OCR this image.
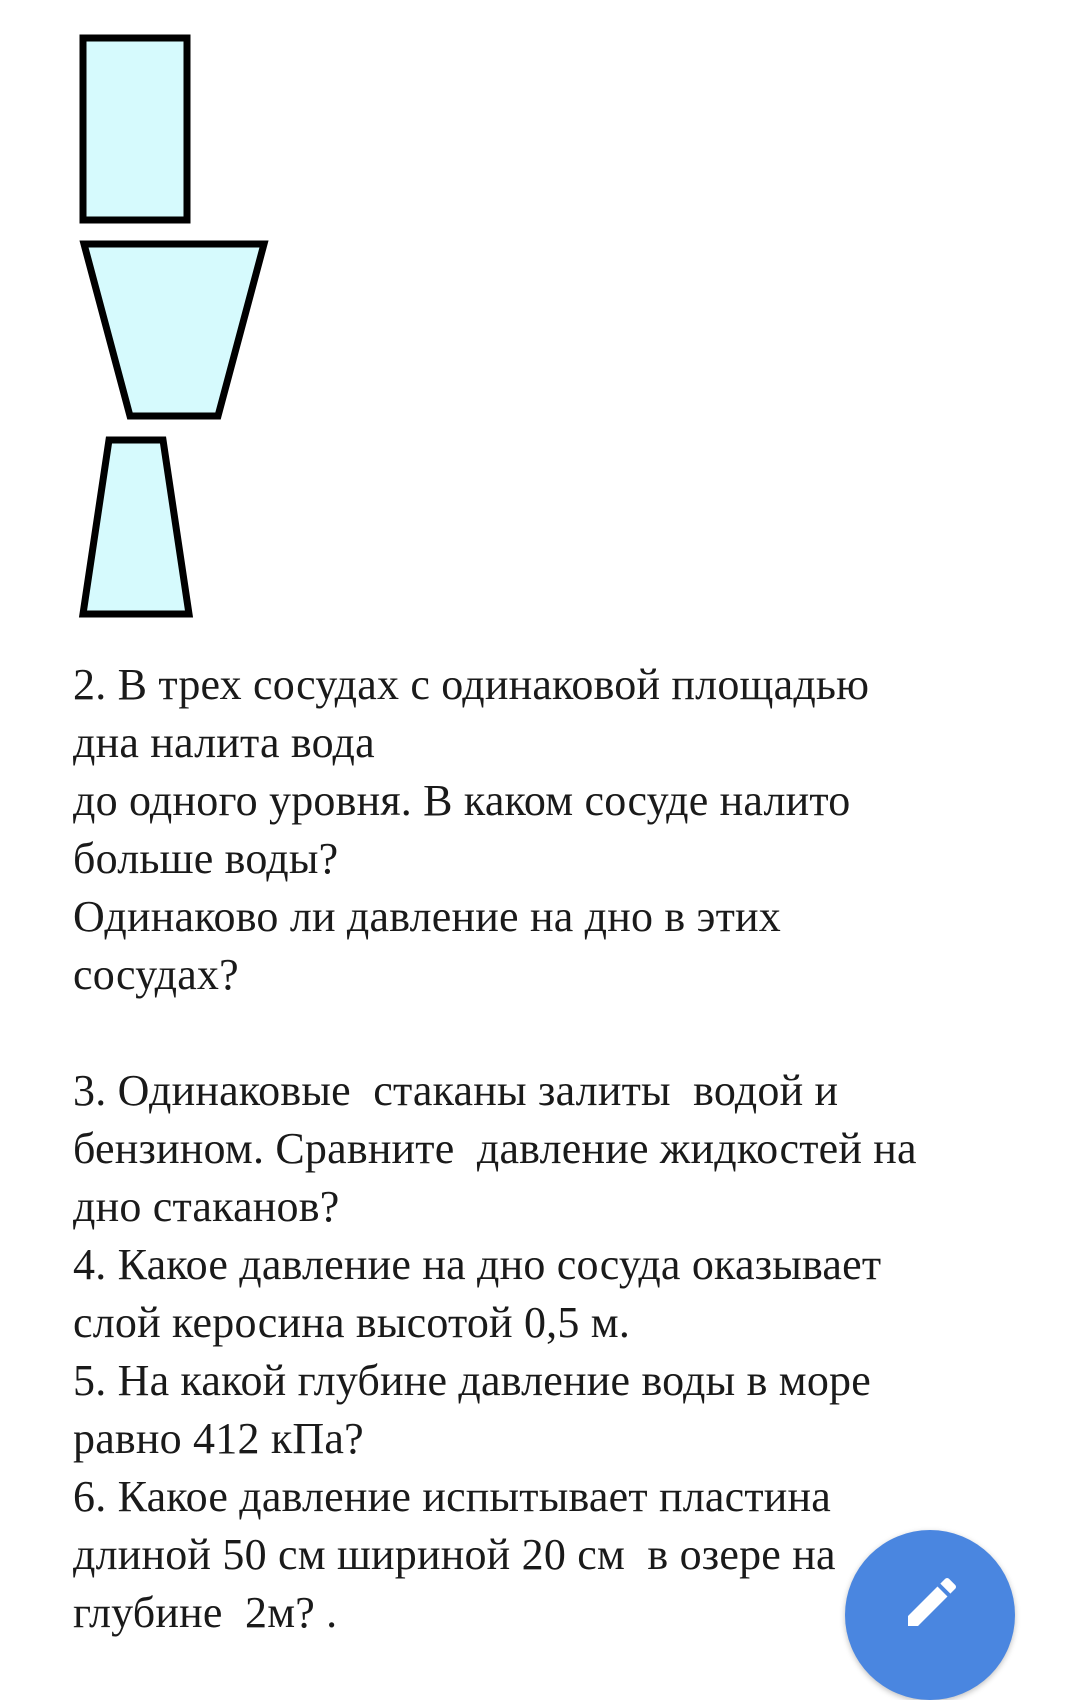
2. В трех сосудах с одинаковой площадью
дна налита вода
до одного уровня. В каком сосуде налито
больше воды?
Одинаково ли давление на дно в этих
сосудах?
3. Одинаковые  стаканы залиты  водой и
бензином. Сравните  давление жидкостей на
дно стаканов?
4. Какое давление на дно сосуда оказывает
слой керосина высотой 0,5 м.
5. На какой глубине давление воды в море
равно 412 кПа?
6. Какое давление испытывает пластина
длиной 50 см шириной 20 см  в озере на
глубине  2м? .
